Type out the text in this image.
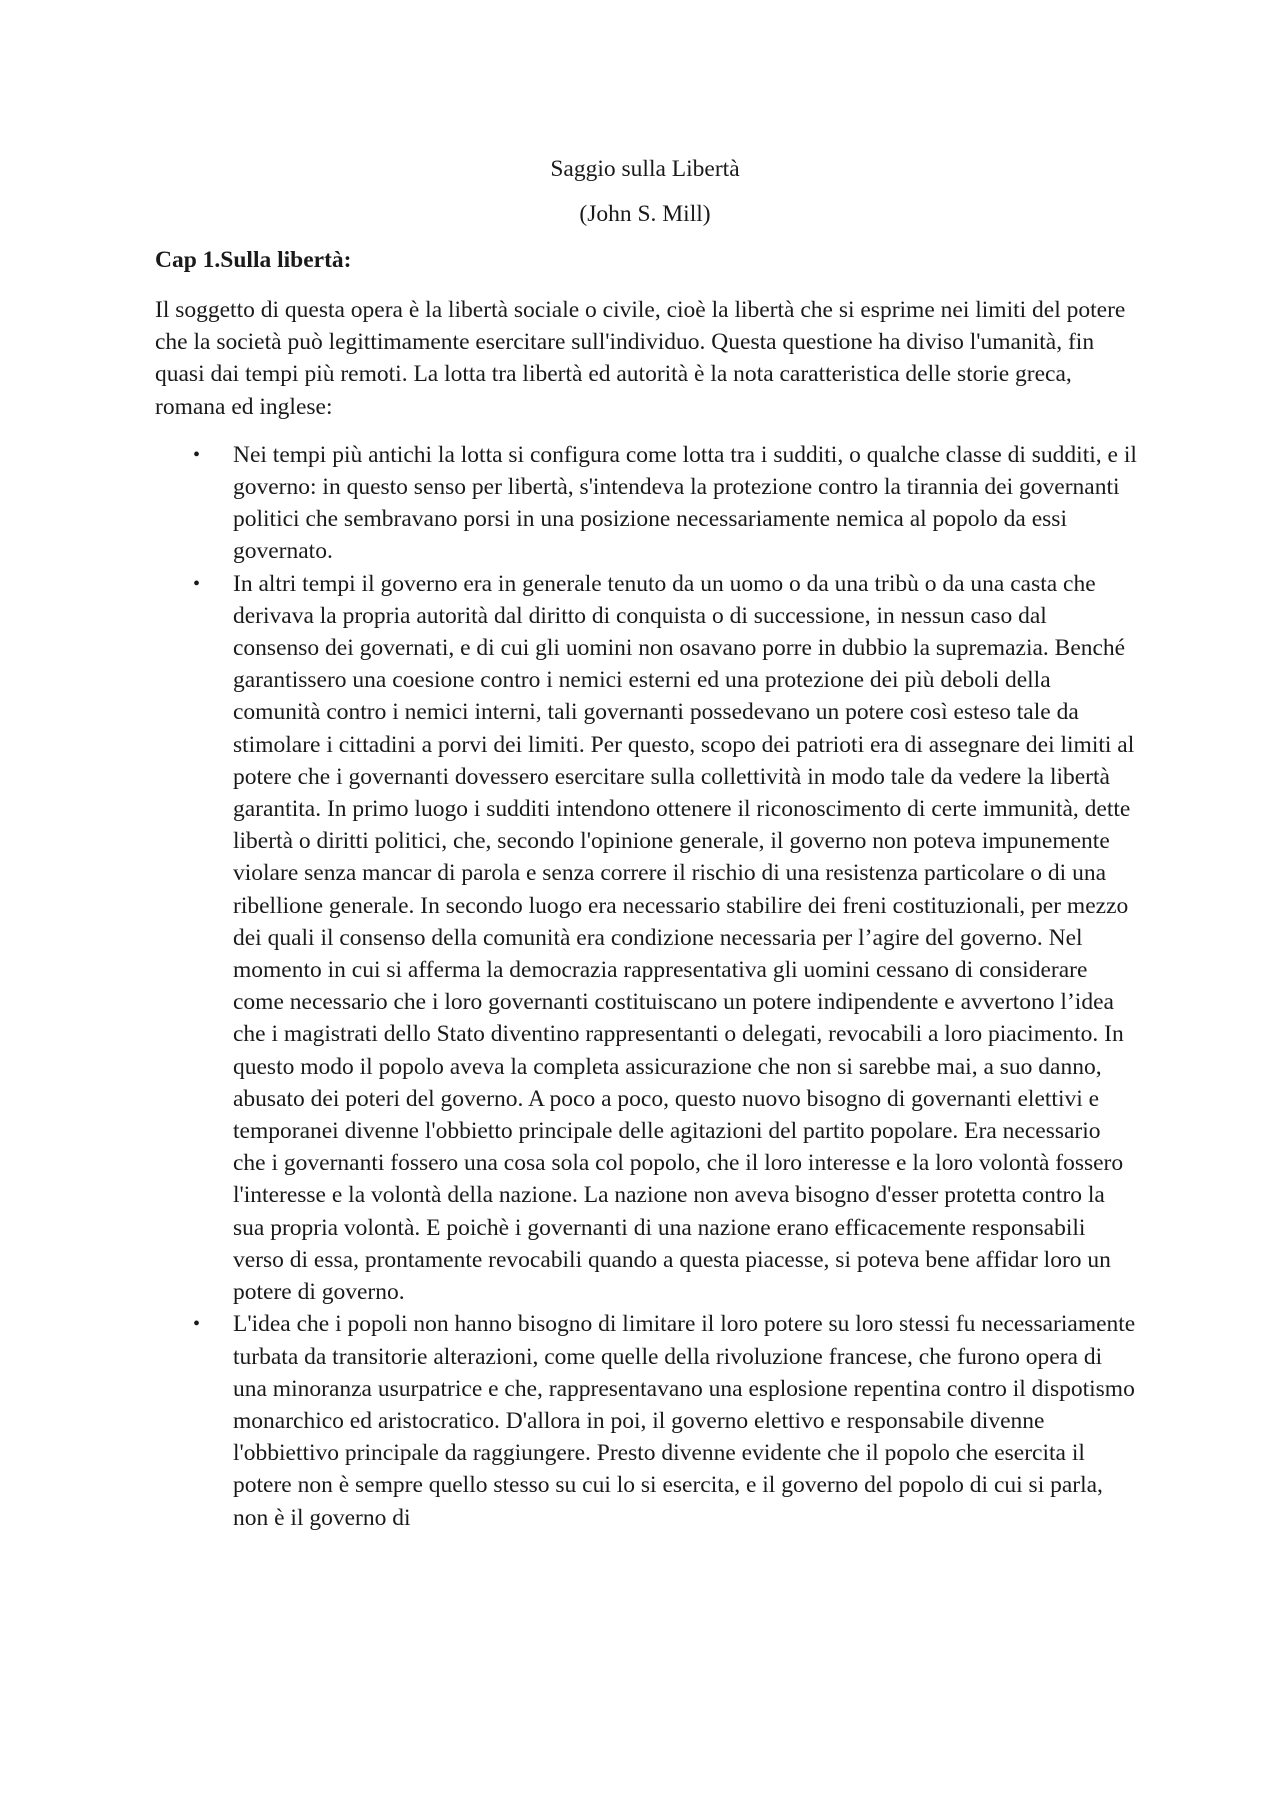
Saggio sulla Libertà

(John S. Mill)

Cap 1.Sulla libertà:

Il soggetto di questa opera è la libertà sociale o civile, cioè la libertà che si esprime nei limiti del potere che la società può legittimamente esercitare sull'individuo. Questa questione ha diviso l'umanità, fin quasi dai tempi più remoti. La lotta tra libertà ed autorità è la nota caratteristica delle storie greca, romana ed inglese:

• Nei tempi più antichi la lotta si configura come lotta tra i sudditi, o qualche classe di sudditi, e il governo: in questo senso per libertà, s'intendeva la protezione contro la tirannia dei governanti politici che sembravano porsi in una posizione necessariamente nemica al popolo da essi governato.
• In altri tempi il governo era in generale tenuto da un uomo o da una tribù o da una casta che derivava la propria autorità dal diritto di conquista o di successione, in nessun caso dal consenso dei governati, e di cui gli uomini non osavano porre in dubbio la supremazia. Benché garantissero una coesione contro i nemici esterni ed una protezione dei più deboli della comunità contro i nemici interni, tali governanti possedevano un potere così esteso tale da stimolare i cittadini a porvi dei limiti. Per questo, scopo dei patrioti era di assegnare dei limiti al potere che i governanti dovessero esercitare sulla collettività in modo tale da vedere la libertà garantita. In primo luogo i sudditi intendono ottenere il riconoscimento di certe immunità, dette libertà o diritti politici, che, secondo l'opinione generale, il governo non poteva impunemente violare senza mancar di parola e senza correre il rischio di una resistenza particolare o di una ribellione generale. In secondo luogo era necessario stabilire dei freni costituzionali, per mezzo dei quali il consenso della comunità era condizione necessaria per l’agire del governo. Nel momento in cui si afferma la democrazia rappresentativa gli uomini cessano di considerare come necessario che i loro governanti costituiscano un potere indipendente e avvertono l’idea che i magistrati dello Stato diventino rappresentanti o delegati, revocabili a loro piacimento. In questo modo il popolo aveva la completa assicurazione che non si sarebbe mai, a suo danno, abusato dei poteri del governo. A poco a poco, questo nuovo bisogno di governanti elettivi e temporanei divenne l'obbietto principale delle agitazioni del partito popolare. Era necessario che i governanti fossero una cosa sola col popolo, che il loro interesse e la loro volontà fossero l'interesse e la volontà della nazione. La nazione non aveva bisogno d'esser protetta contro la sua propria volontà. E poichè i governanti di una nazione erano efficacemente responsabili verso di essa, prontamente revocabili quando a questa piacesse, si poteva bene affidar loro un potere di governo.
• L'idea che i popoli non hanno bisogno di limitare il loro potere su loro stessi fu necessariamente turbata da transitorie alterazioni, come quelle della rivoluzione francese, che furono opera di una minoranza usurpatrice e che, rappresentavano una esplosione repentina contro il dispotismo monarchico ed aristocratico. D'allora in poi, il governo elettivo e responsabile divenne l'obbiettivo principale da raggiungere. Presto divenne evidente che il popolo che esercita il potere non è sempre quello stesso su cui lo si esercita, e il governo del popolo di cui si parla, non è il governo di
